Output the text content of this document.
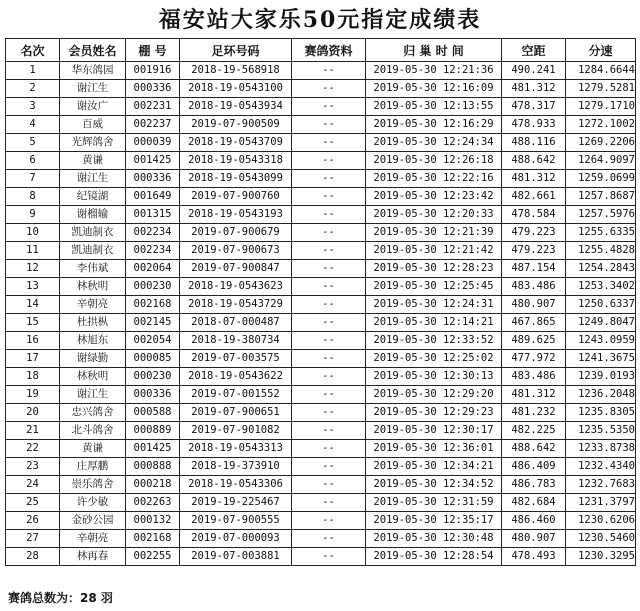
福安站大家乐50元指定成绩表
名次	会员姓名	棚 号	足环号码	赛鸽资料	归 巢 时 间	空距	分速
1	华东鸽园	001916	2018-19-568918	--	2019-05-30 12:21:36	490.241	1284.6644
2	谢江生	000336	2018-19-0543100	--	2019-05-30 12:16:09	481.312	1279.5281
3	谢汝广	002231	2018-19-0543934	--	2019-05-30 12:13:55	478.317	1279.1710
4	百威	002237	2019-07-900509	--	2019-05-30 12:16:29	478.933	1272.1002
5	光辉鸽舍	000039	2018-19-0543709	--	2019-05-30 12:24:34	488.116	1269.2206
6	黄谦	001425	2018-19-0543318	--	2019-05-30 12:26:18	488.642	1264.9097
7	谢江生	000336	2018-19-0543099	--	2019-05-30 12:22:16	481.312	1259.0699
8	纪镜湖	001649	2019-07-900760	--	2019-05-30 12:23:42	482.661	1257.8687
9	谢榴输	001315	2018-19-0543193	--	2019-05-30 12:20:33	478.584	1257.5976
10	凯迪制衣	002234	2019-07-900679	--	2019-05-30 12:21:39	479.223	1255.6335
11	凯迪制衣	002234	2019-07-900673	--	2019-05-30 12:21:42	479.223	1255.4828
12	李伟斌	002064	2019-07-900847	--	2019-05-30 12:28:23	487.154	1254.2843
13	林秋明	000230	2018-19-0543623	--	2019-05-30 12:25:45	483.486	1253.3402
14	辛朝亮	002168	2018-19-0543729	--	2019-05-30 12:24:31	480.907	1250.6337
15	杜拱枞	002145	2018-07-000487	--	2019-05-30 12:14:21	467.865	1249.8047
16	林旭东	002054	2018-19-380734	--	2019-05-30 12:33:52	489.625	1243.0959
17	谢绿勤	000085	2019-07-003575	--	2019-05-30 12:25:02	477.972	1241.3675
18	林秋明	000230	2018-19-0543622	--	2019-05-30 12:30:13	483.486	1239.0193
19	谢江生	000336	2019-07-001552	--	2019-05-30 12:29:20	481.312	1236.2048
20	忠兴鸽舍	000588	2019-07-900651	--	2019-05-30 12:29:23	481.232	1235.8305
21	北斗鸽舍	000889	2019-07-901082	--	2019-05-30 12:30:17	482.225	1235.5350
22	黄谦	001425	2018-19-0543313	--	2019-05-30 12:36:01	488.642	1233.8738
23	庄厚鹏	000888	2018-19-373910	--	2019-05-30 12:34:21	486.409	1232.4340
24	崇乐鸽舍	000218	2018-19-0543306	--	2019-05-30 12:34:52	486.783	1232.7683
25	许少敏	002263	2019-19-225467	--	2019-05-30 12:31:59	482.684	1231.3797
26	金砂公园	000132	2019-07-900555	--	2019-05-30 12:35:17	486.460	1230.6206
27	辛朝亮	002168	2019-07-000093	--	2019-05-30 12:30:48	480.907	1230.5460
28	林再春	002255	2019-07-003881	--	2019-05-30 12:28:54	478.493	1230.3295
赛鸽总数为：28 羽
